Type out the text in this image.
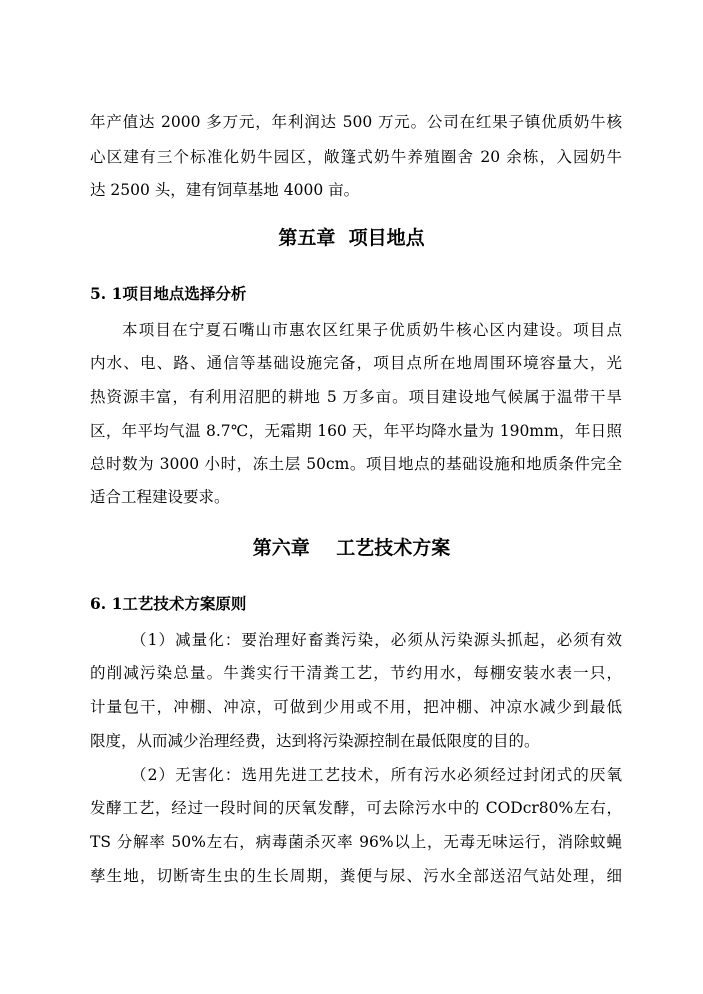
年产值达 2000 多万元，年利润达 500 万元。公司在红果子镇优质奶牛核
心区建有三个标准化奶牛园区，敞篷式奶牛养殖圈舍 20 余栋，入园奶牛
达 2500 头，建有饲草基地 4000 亩。
第五章  项目地点
5. 1项目地点选择分析
本项目在宁夏石嘴山市惠农区红果子优质奶牛核心区内建设。项目点
内水、电、路、通信等基础设施完备，项目点所在地周围环境容量大，光
热资源丰富，有利用沼肥的耕地 5 万多亩。项目建设地气候属于温带干旱
区，年平均气温 8.7℃，无霜期 160 天，年平均降水量为 190mm，年日照
总时数为 3000 小时，冻土层 50cm。项目地点的基础设施和地质条件完全
适合工程建设要求。
第六章    工艺技术方案
6. 1工艺技术方案原则
（1）减量化：要治理好畜粪污染，必须从污染源头抓起，必须有效
的削减污染总量。牛粪实行干清粪工艺，节约用水，每棚安装水表一只，
计量包干，冲棚、冲凉，可做到少用或不用，把冲棚、冲凉水减少到最低
限度，从而减少治理经费，达到将污染源控制在最低限度的目的。
（2）无害化：选用先进工艺技术，所有污水必须经过封闭式的厌氧
发酵工艺，经过一段时间的厌氧发酵，可去除污水中的 CODcr80%左右，
TS 分解率 50%左右，病毒菌杀灭率 96%以上，无毒无味运行，消除蚊蝇
孳生地，切断寄生虫的生长周期，粪便与尿、污水全部送沼气站处理，细
